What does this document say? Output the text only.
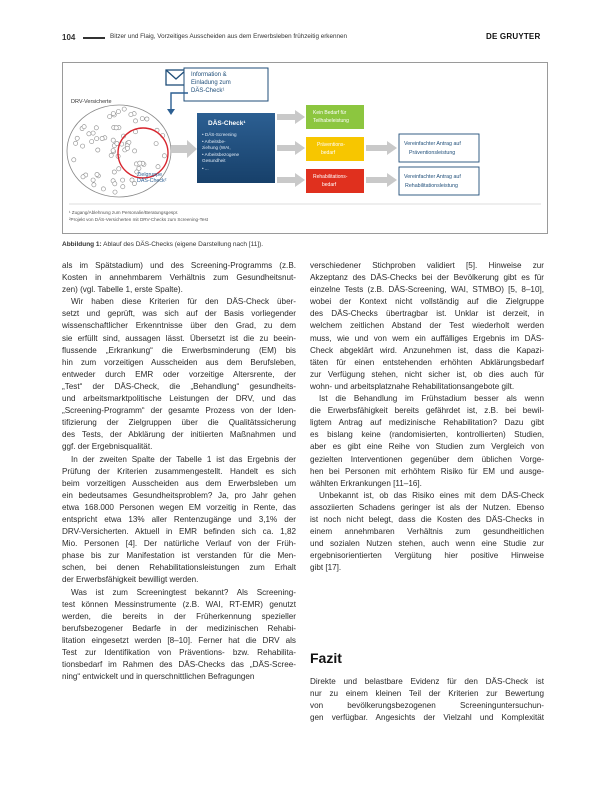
104	Bitzer und Flaig, Vorzeitiges Ausscheiden aus dem Erwerbsleben frühzeitig erkennen	DE GRUYTER
Information &
Einladung zum
DÄS-Check¹
DRV-Versicherte
Zielgruppe
DÄS-Check²
DÄS-Check¹
• DÄS-Screening
• Arbeitsbe-
ziehung (WAI,
• Arbeitsbezogene
Gesundheit
• ...
Kein Bedarf für
Teilhabeleistung
Präventions-
bedarf
Rehabilitations-
bedarf
Vereinfachter Antrag auf
Präventionsleistung
Vereinfachter Antrag auf
Rehabilitationsleistung
¹ Zugang/Ablehnung zum Personalie/Beratungsgespr.
²Projekt von DÄS-Versicherten mit DRV-Checks zum Screening-Test
Abbildung 1: Ablauf des DÄS-Checks (eigene Darstellung nach [11]).

als im Spätstadium) und des Screening-Programms (z.B.
Kosten in annehmbarem Verhältnis zum Gesundheitsnut-
zen) (vgl. Tabelle 1, erste Spalte).

Wir haben diese Kriterien für den DÄS-Check über-
setzt und geprüft, was sich auf der Basis vorliegender
wissenschaftlicher Erkenntnisse über den Grad, zu dem
sie erfüllt sind, aussagen lässt. Übersetzt ist die zu beein-
flussende „Erkrankung“ die Erwerbsminderung (EM) bis
hin zum vorzeitigen Ausscheiden aus dem Berufsleben,
entweder durch EMR oder vorzeitige Altersrente, der
„Test“ der DÄS-Check, die „Behandlung“ gesundheits-
und arbeitsmarktpolitische Leistungen der DRV, und das
„Screening-Programm“ der gesamte Prozess von der Iden-
tifizierung der Zielgruppen über die Qualitätssicherung
des Tests, der Abklärung der initiierten Maßnahmen und
ggf. der Ergebnisqualität.

In der zweiten Spalte der Tabelle 1 ist das Ergebnis der
Prüfung der Kriterien zusammengestellt. Handelt es sich
beim vorzeitigen Ausscheiden aus dem Erwerbsleben um
ein bedeutsames Gesundheitsproblem? Ja, pro Jahr gehen
etwa 168.000 Personen wegen EM vorzeitig in Rente, das
entspricht etwa 13% aller Rentenzugänge und 3,1% der
DRV-Versicherten. Aktuell in EMR befinden sich ca. 1,82
Mio. Personen [4]. Der natürliche Verlauf von der Früh-
phase bis zur Manifestation ist verstanden für die Men-
schen, bei denen Rehabilitationsleistungen zum Erhalt
der Erwerbsfähigkeit bewilligt werden.

Was ist zum Screeningtest bekannt? Als Screening-
test können Messinstrumente (z.B. WAI, RT-EMR) genutzt
werden, die bereits in der Früherkennung spezieller
berufsbezogener Bedarfe in der medizinischen Rehabi-
litation eingesetzt werden [8–10]. Ferner hat die DRV als
Test zur Identifikation von Präventions- bzw. Rehabilita-
tionsbedarf im Rahmen des DÄS-Checks das „DÄS-Scree-
ning“ entwickelt und in querschnittlichen Befragungen

verschiedener Stichproben validiert [5]. Hinweise zur
Akzeptanz des DÄS-Checks bei der Bevölkerung gibt es für
einzelne Tests (z.B. DÄS-Screening, WAI, STMBO) [5, 8–10],
wobei der Kontext nicht vollständig auf die Zielgruppe
des DÄS-Checks übertragbar ist. Unklar ist derzeit, in
welchem zeitlichen Abstand der Test wiederholt werden
muss, wie und von wem ein auffälliges Ergebnis im DÄS-
Check abgeklärt wird. Anzunehmen ist, dass die Kapazi-
täten für einen entstehenden erhöhten Abklärungsbedarf
zur Verfügung stehen, nicht sicher ist, ob dies auch für
wohn- und arbeitsplatznahe Rehabilitationsangebote gilt.

Ist die Behandlung im Frühstadium besser als wenn
die Erwerbsfähigkeit bereits gefährdet ist, z.B. bei bewil-
ligtem Antrag auf medizinische Rehabilitation? Dazu gibt
es bislang keine (randomisierten, kontrollierten) Studien,
aber es gibt eine Reihe von Studien zum Vergleich von
gezielten Interventionen gegenüber dem üblichen Vorge-
hen bei Personen mit erhöhtem Risiko für EM und ausge-
wählten Erkrankungen [11–16].

Unbekannt ist, ob das Risiko eines mit dem DÄS-Check
assoziierten Schadens geringer ist als der Nutzen. Ebenso
ist noch nicht belegt, dass die Kosten des DÄS-Checks in
einem annehmbaren Verhältnis zum gesundheitlichen
und sozialen Nutzen stehen, auch wenn eine Studie zur
ergebnisorientierten Vergütung hier positive Hinweise
gibt [17].

Fazit

Direkte und belastbare Evidenz für den DÄS-Check ist
nur zu einem kleinen Teil der Kriterien zur Bewertung
von bevölkerungsbezogenen Screeninguntersuchun-
gen verfügbar. Angesichts der Vielzahl und Komplexität
